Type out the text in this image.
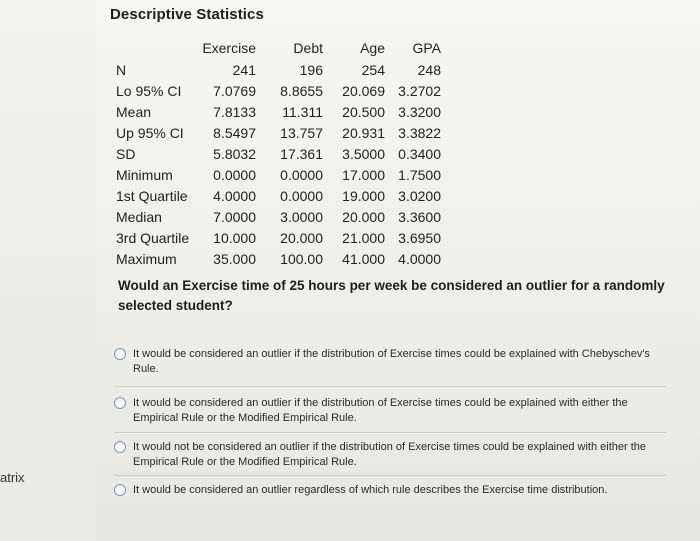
atrix
Descriptive Statistics
	Exercise	Debt	Age	GPA
N	241	196	254	248
Lo 95% CI	7.0769	8.8655	20.069	3.2702
Mean	7.8133	11.311	20.500	3.3200
Up 95% CI	8.5497	13.757	20.931	3.3822
SD	5.8032	17.361	3.5000	0.3400
Minimum	0.0000	0.0000	17.000	1.7500
1st Quartile	4.0000	0.0000	19.000	3.0200
Median	7.0000	3.0000	20.000	3.3600
3rd Quartile	10.000	20.000	21.000	3.6950
Maximum	35.000	100.00	41.000	4.0000
Would an Exercise time of 25 hours per week be considered an outlier for a randomly selected student?
It would be considered an outlier if the distribution of Exercise times could be explained with Chebyschev's Rule.
It would be considered an outlier if the distribution of Exercise times could be explained with either the Empirical Rule or the Modified Empirical Rule.
It would not be considered an outlier if the distribution of Exercise times could be explained with either the Empirical Rule or the Modified Empirical Rule.
It would be considered an outlier regardless of which rule describes the Exercise time distribution.
